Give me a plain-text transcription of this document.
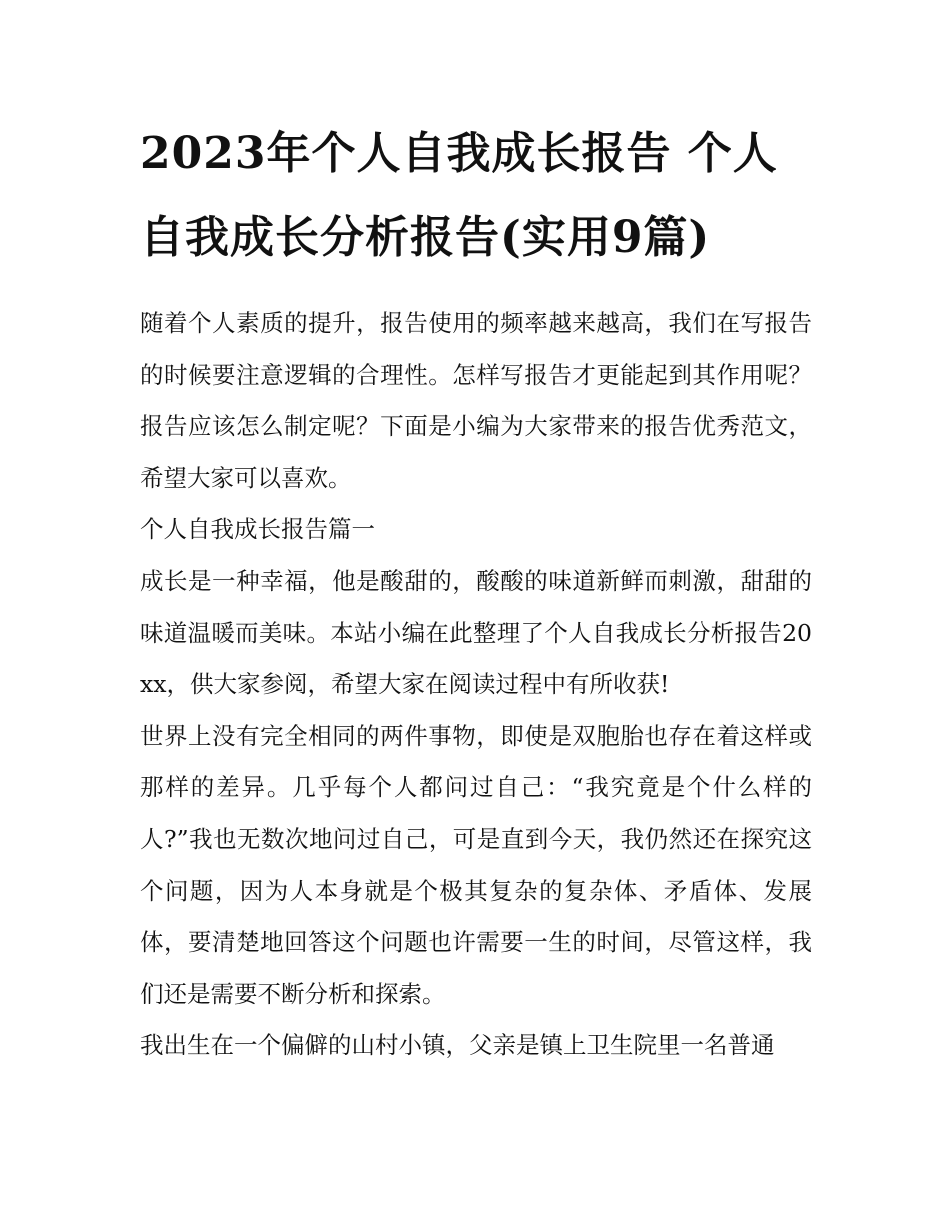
2023年个人自我成长报告 个人自我成长分析报告(实用9篇)

随着个人素质的提升，报告使用的频率越来越高，我们在写报告的时候要注意逻辑的合理性。怎样写报告才更能起到其作用呢？报告应该怎么制定呢？下面是小编为大家带来的报告优秀范文，希望大家可以喜欢。

个人自我成长报告篇一

成长是一种幸福，他是酸甜的，酸酸的味道新鲜而刺激，甜甜的味道温暖而美味。本站小编在此整理了个人自我成长分析报告20xx，供大家参阅，希望大家在阅读过程中有所收获!

世界上没有完全相同的两件事物，即使是双胞胎也存在着这样或那样的差异。几乎每个人都问过自己：“我究竟是个什么样的人?”我也无数次地问过自己，可是直到今天，我仍然还在探究这个问题，因为人本身就是个极其复杂的复杂体、矛盾体、发展体，要清楚地回答这个问题也许需要一生的时间，尽管这样，我们还是需要不断分析和探索。

我出生在一个偏僻的山村小镇，父亲是镇上卫生院里一名普通
